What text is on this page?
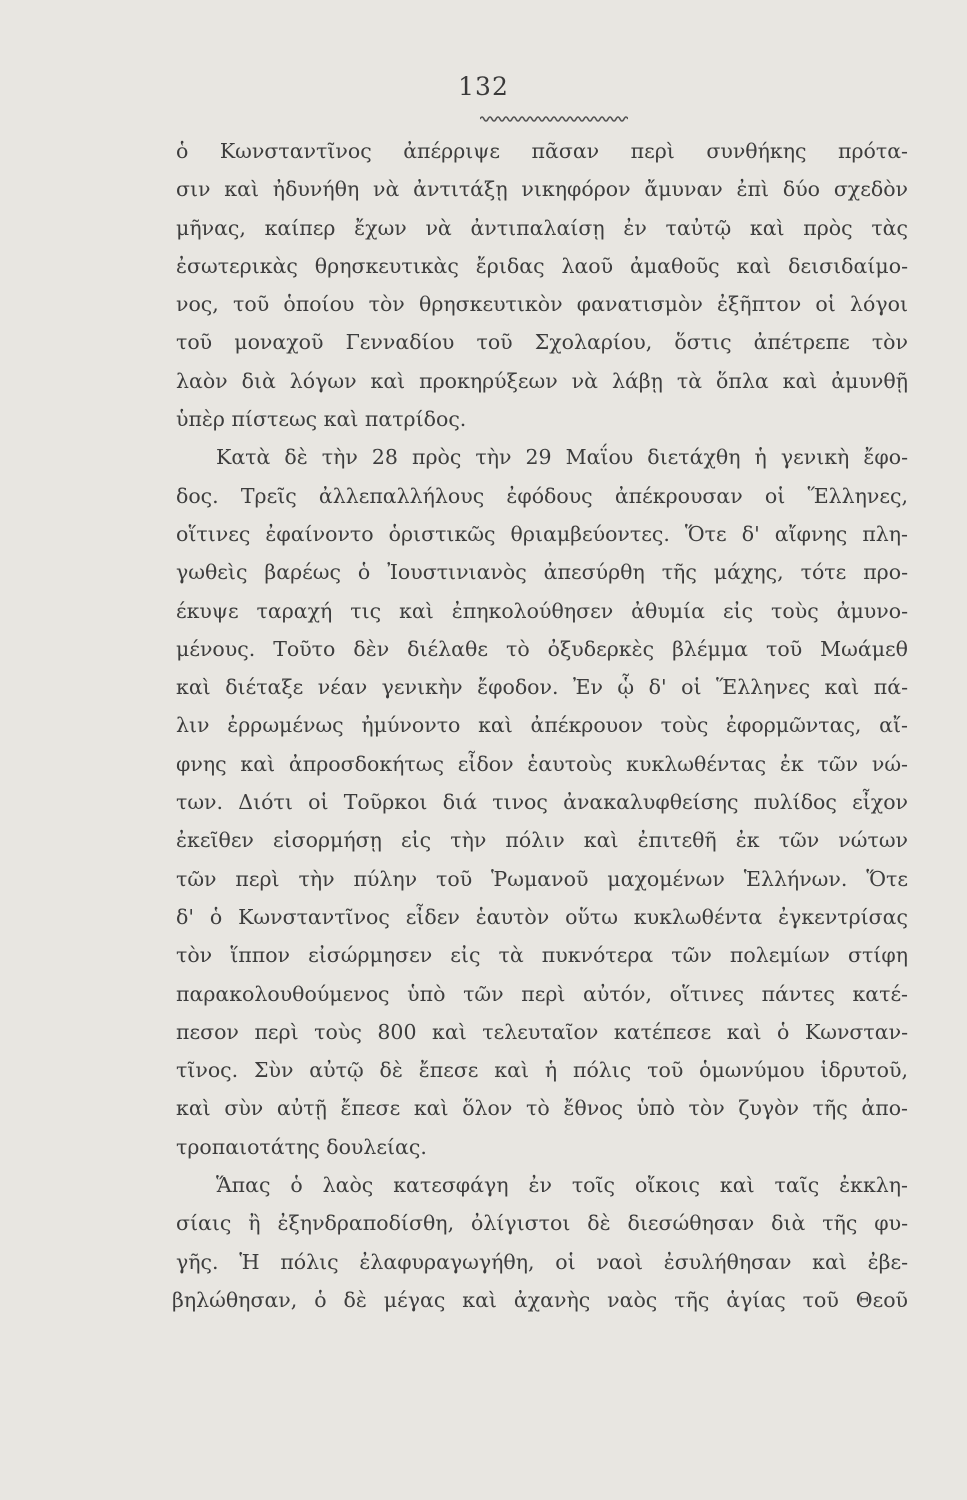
132
ὁ Κωνσταντῖνος ἀπέρριψε πᾶσαν περὶ συνθήκης πρότα-
σιν καὶ ἠδυνήθη νὰ ἀντιτάξῃ νικηφόρον ἄμυναν ἐπὶ δύο σχεδὸν
μῆνας, καίπερ ἔχων νὰ ἀντιπαλαίσῃ ἐν ταὐτῷ καὶ πρὸς τὰς
ἐσωτερικὰς θρησκευτικὰς ἔριδας λαοῦ ἀμαθοῦς καὶ δεισιδαίμο-
νος, τοῦ ὁποίου τὸν θρησκευτικὸν φανατισμὸν ἐξῆπτον οἱ λόγοι
τοῦ μοναχοῦ Γενναδίου τοῦ Σχολαρίου, ὅστις ἀπέτρεπε τὸν
λαὸν διὰ λόγων καὶ προκηρύξεων νὰ λάβῃ τὰ ὅπλα καὶ ἀμυνθῇ
ὑπὲρ πίστεως καὶ πατρίδος.
Κατὰ δὲ τὴν 28 πρὸς τὴν 29 Μαΐου διετάχθη ἡ γενικὴ ἔφο-
δος. Τρεῖς ἀλλεπαλλήλους ἐφόδους ἀπέκρουσαν οἱ Ἕλληνες,
οἵτινες ἐφαίνοντο ὁριστικῶς θριαμβεύοντες. Ὅτε δ' αἴφνης πλη-
γωθεὶς βαρέως ὁ Ἰουστινιανὸς ἀπεσύρθη τῆς μάχης, τότε προ-
έκυψε ταραχή τις καὶ ἐπηκολούθησεν ἀθυμία εἰς τοὺς ἀμυνο-
μένους. Τοῦτο δὲν διέλαθε τὸ ὀξυδερκὲς βλέμμα τοῦ Μωάμεθ
καὶ διέταξε νέαν γενικὴν ἔφοδον. Ἐν ᾧ δ' οἱ Ἕλληνες καὶ πά-
λιν ἐρρωμένως ἠμύνοντο καὶ ἀπέκρουον τοὺς ἐφορμῶντας, αἴ-
φνης καὶ ἀπροσδοκήτως εἶδον ἑαυτοὺς κυκλωθέντας ἐκ τῶν νώ-
των. Διότι οἱ Τοῦρκοι διά τινος ἀνακαλυφθείσης πυλίδος εἶχον
ἐκεῖθεν εἰσορμήσῃ εἰς τὴν πόλιν καὶ ἐπιτεθῆ ἐκ τῶν νώτων
τῶν περὶ τὴν πύλην τοῦ Ῥωμανοῦ μαχομένων Ἑλλήνων. Ὅτε
δ' ὁ Κωνσταντῖνος εἶδεν ἑαυτὸν οὕτω κυκλωθέντα ἐγκεντρίσας
τὸν ἵππον εἰσώρμησεν εἰς τὰ πυκνότερα τῶν πολεμίων στίφη
παρακολουθούμενος ὑπὸ τῶν περὶ αὐτόν, οἵτινες πάντες κατέ-
πεσον περὶ τοὺς 800 καὶ τελευταῖον κατέπεσε καὶ ὁ Κωνσταν-
τῖνος. Σὺν αὐτῷ δὲ ἔπεσε καὶ ἡ πόλις τοῦ ὁμωνύμου ἱδρυτοῦ,
καὶ σὺν αὐτῇ ἔπεσε καὶ ὅλον τὸ ἔθνος ὑπὸ τὸν ζυγὸν τῆς ἀπο-
τροπαιοτάτης δουλείας.
Ἅπας ὁ λαὸς κατεσφάγη ἐν τοῖς οἴκοις καὶ ταῖς ἐκκλη-
σίαις ἢ ἐξηνδραποδίσθη, ὀλίγιστοι δὲ διεσώθησαν διὰ τῆς φυ-
γῆς. Ἡ πόλις ἐλαφυραγωγήθη, οἱ ναοὶ ἐσυλήθησαν καὶ ἐβε-
βηλώθησαν, ὁ δὲ μέγας καὶ ἀχανὴς ναὸς τῆς ἁγίας τοῦ Θεοῦ
